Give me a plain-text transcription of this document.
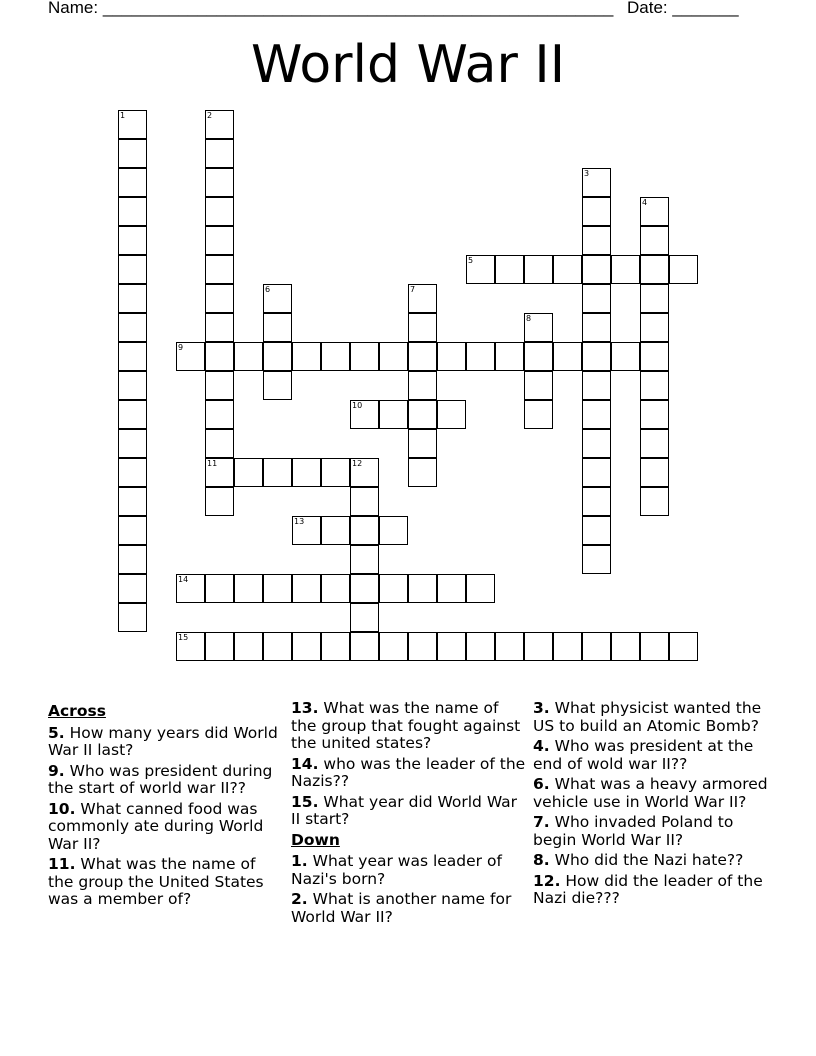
Name: ______________________________________________________ Date: _______
World War II
1	2
11
3
4
5
6	7
8
9
10
12
13
14
15
Across
5. How many years did World War II last?
9. Who was president during the start of world war II??
10. What canned food was commonly ate during World War II?
11. What was the name of the group the United States was a member of?
13. What was the name of the group that fought against the united states?
14. who was the leader of the Nazis??
15. What year did World War II start?
Down
1. What year was leader of Nazi's born?
2. What is another name for World War II?
3. What physicist wanted the US to build an Atomic Bomb?
4. Who was president at the end of wold war II??
6. What was a heavy armored vehicle use in World War II?
7. Who invaded Poland to begin World War II?
8. Who did the Nazi hate??
12. How did the leader of the Nazi die???
